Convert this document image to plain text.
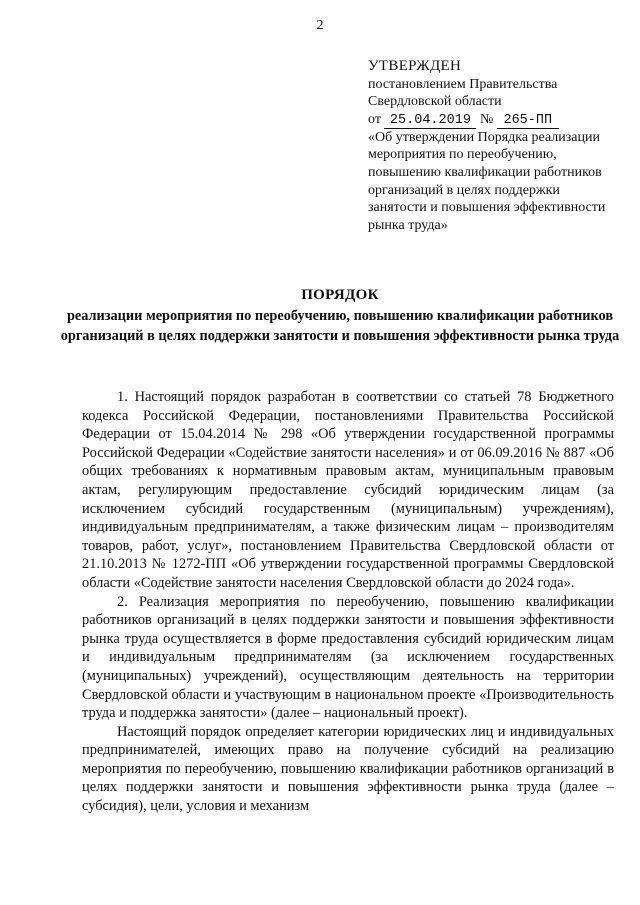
2
УТВЕРЖДЕН
постановлением Правительства
Свердловской области
от 25.04.2019 № 265-ПП
«Об утверждении Порядка реализации мероприятия по переобучению, повышению квалификации работников организаций в целях поддержки занятости и повышения эффективности рынка труда»
ПОРЯДОК
реализации мероприятия по переобучению, повышению квалификации работников организаций в целях поддержки занятости и повышения эффективности рынка труда

1. Настоящий порядок разработан в соответствии со статьей 78 Бюджетного кодекса Российской Федерации, постановлениями Правительства Российской Федерации от 15.04.2014 № 298 «Об утверждении государственной программы Российской Федерации «Содействие занятости населения» и от 06.09.2016 № 887 «Об общих требованиях к нормативным правовым актам, муниципальным правовым актам, регулирующим предоставление субсидий юридическим лицам (за исключением субсидий государственным (муниципальным) учреждениям), индивидуальным предпринимателям, а также физическим лицам – производителям товаров, работ, услуг», постановлением Правительства Свердловской области от 21.10.2013 № 1272-ПП «Об утверждении государственной программы Свердловской области «Содействие занятости населения Свердловской области до 2024 года».

2. Реализация мероприятия по переобучению, повышению квалификации работников организаций в целях поддержки занятости и повышения эффективности рынка труда осуществляется в форме предоставления субсидий юридическим лицам и индивидуальным предпринимателям (за исключением государственных (муниципальных) учреждений), осуществляющим деятельность на территории Свердловской области и участвующим в национальном проекте «Производительность труда и поддержка занятости» (далее – национальный проект).

Настоящий порядок определяет категории юридических лиц и индивидуальных предпринимателей, имеющих право на получение субсидий на реализацию мероприятия по переобучению, повышению квалификации работников организаций в целях поддержки занятости и повышения эффективности рынка труда (далее – субсидия), цели, условия и механизм
